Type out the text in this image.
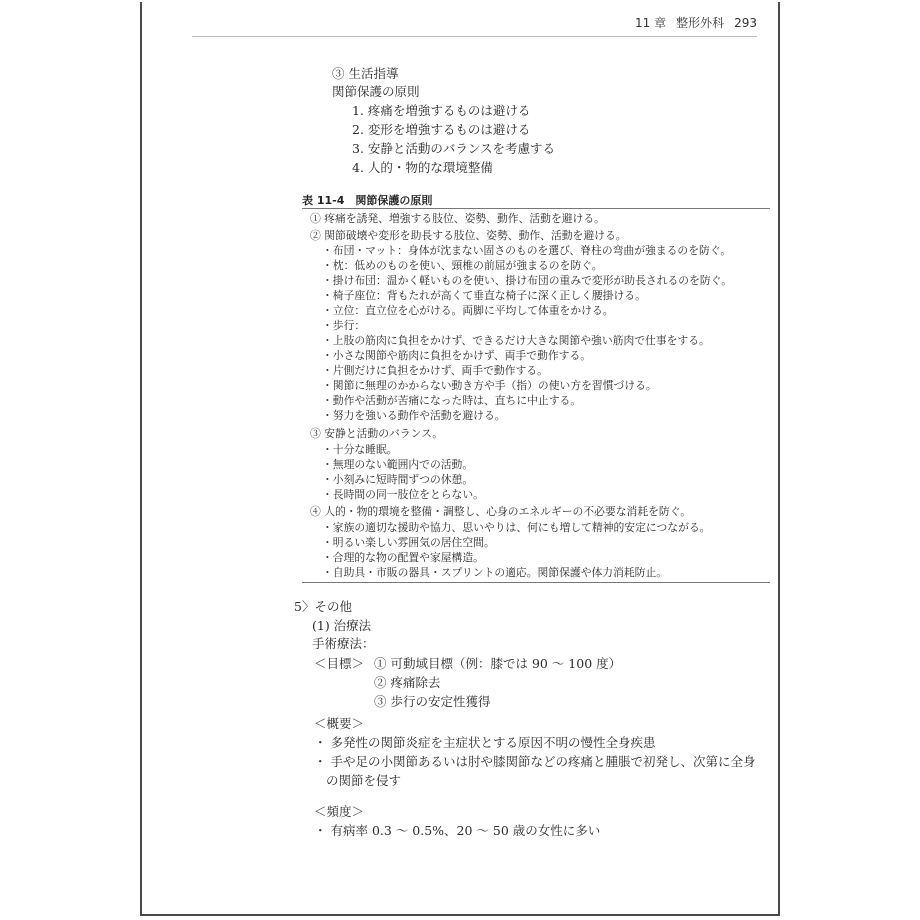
11 章 整形外科 293
③ 生活指導
関節保護の原則
1. 疼痛を増強するものは避ける
2. 変形を増強するものは避ける
3. 安静と活動のバランスを考慮する
4. 人的・物的な環境整備
表 11-4　関節保護の原則
① 疼痛を誘発、増強する肢位、姿勢、動作、活動を避ける。
② 関節破壊や変形を助長する肢位、姿勢、動作、活動を避ける。
・布団・マット：身体が沈まない固さのものを選び、脊柱の弯曲が強まるのを防ぐ。
・枕：低めのものを使い、頸椎の前屈が強まるのを防ぐ。
・掛け布団：温かく軽いものを使い、掛け布団の重みで変形が助長されるのを防ぐ。
・椅子座位：背もたれが高くて垂直な椅子に深く正しく腰掛ける。
・立位：直立位を心がける。両脚に平均して体重をかける。
・歩行：
・上肢の筋肉に負担をかけず、できるだけ大きな関節や強い筋肉で仕事をする。
・小さな関節や筋肉に負担をかけず、両手で動作する。
・片側だけに負担をかけず、両手で動作する。
・関節に無理のかからない動き方や手（指）の使い方を習慣づける。
・動作や活動が苦痛になった時は、直ちに中止する。
・努力を強いる動作や活動を避ける。
③ 安静と活動のバランス。
・十分な睡眠。
・無理のない範囲内での活動。
・小刻みに短時間ずつの休憩。
・長時間の同一肢位をとらない。
④ 人的・物的環境を整備・調整し、心身のエネルギーの不必要な消耗を防ぐ。
・家族の適切な援助や協力、思いやりは、何にも増して精神的安定につながる。
・明るい楽しい雰囲気の居住空間。
・合理的な物の配置や家屋構造。
・自助具・市販の器具・スプリントの適応。関節保護や体力消耗防止。
5〉その他
(1) 治療法
手術療法：
＜目標＞ ① 可動域目標（例：膝では 90 ～ 100 度）
② 疼痛除去
③ 歩行の安定性獲得
＜概要＞
・ 多発性の関節炎症を主症状とする原因不明の慢性全身疾患
・ 手や足の小関節あるいは肘や膝関節などの疼痛と腫脹で初発し、次第に全身
の関節を侵す
＜頻度＞
・ 有病率 0.3 ～ 0.5%、20 ～ 50 歳の女性に多い
